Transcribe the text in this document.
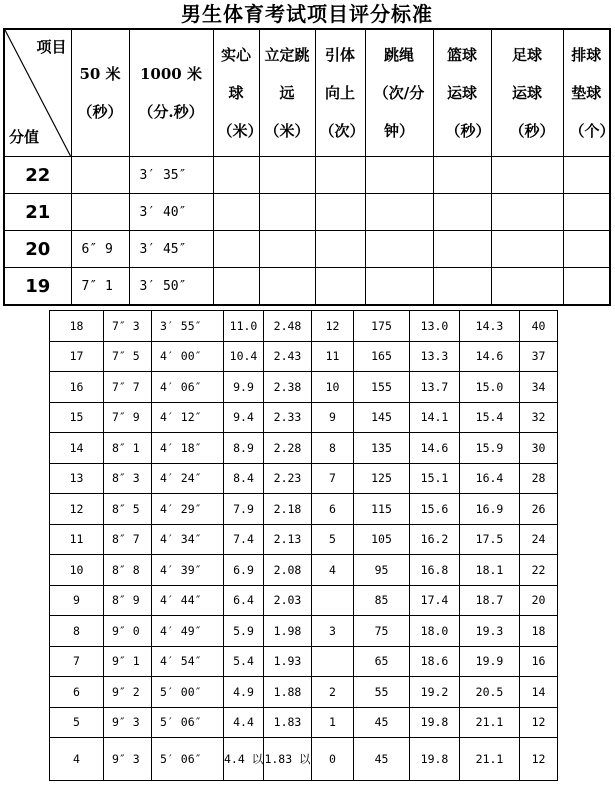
男生体育考试项目评分标准
项目
分值	50 米（秒）	1000 米（分.秒）	实心球（米）	立定跳远（米）	引体向上（次）	跳绳（次/分钟）	篮球运球（秒）	足球运球（秒）	排球垫球（个）
22		3′ 35″							
21		3′ 40″							
20	6″ 9	3′ 45″							
19	7″ 1	3′ 50″							
18	7″ 3	3′ 55″	11.0	2.48	12	175	13.0	14.3	40
17	7″ 5	4′ 00″	10.4	2.43	11	165	13.3	14.6	37
16	7″ 7	4′ 06″	9.9	2.38	10	155	13.7	15.0	34
15	7″ 9	4′ 12″	9.4	2.33	9	145	14.1	15.4	32
14	8″ 1	4′ 18″	8.9	2.28	8	135	14.6	15.9	30
13	8″ 3	4′ 24″	8.4	2.23	7	125	15.1	16.4	28
12	8″ 5	4′ 29″	7.9	2.18	6	115	15.6	16.9	26
11	8″ 7	4′ 34″	7.4	2.13	5	105	16.2	17.5	24
10	8″ 8	4′ 39″	6.9	2.08	4	95	16.8	18.1	22
9	8″ 9	4′ 44″	6.4	2.03		85	17.4	18.7	20
8	9″ 0	4′ 49″	5.9	1.98	3	75	18.0	19.3	18
7	9″ 1	4′ 54″	5.4	1.93		65	18.6	19.9	16
6	9″ 2	5′ 00″	4.9	1.88	2	55	19.2	20.5	14
5	9″ 3	5′ 06″	4.4	1.83	1	45	19.8	21.1	12
4	9″ 3	5′ 06″	4.4 以	1.83 以	0	45	19.8	21.1	12
